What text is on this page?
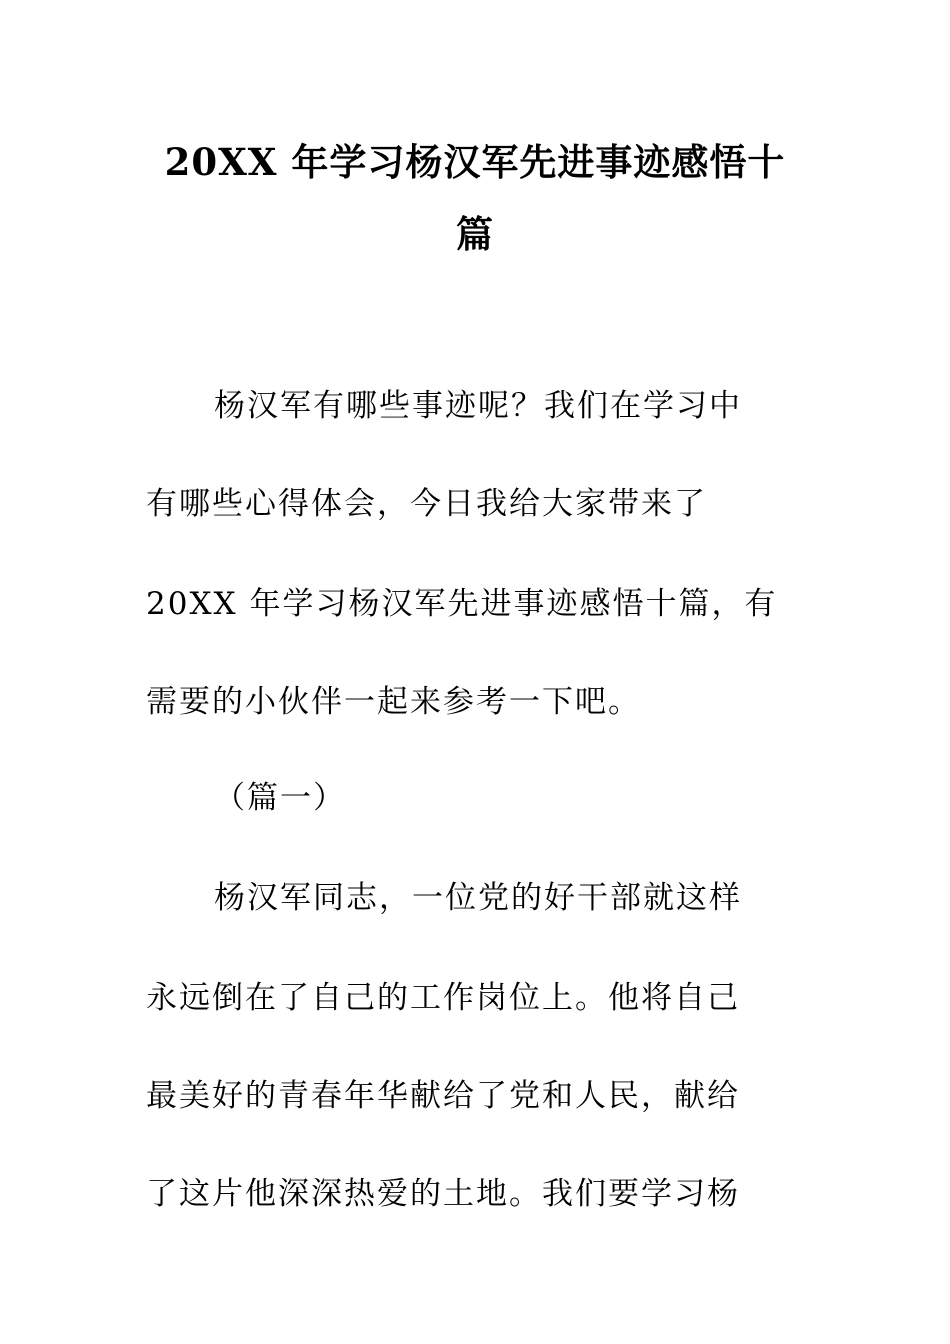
20XX 年学习杨汉军先进事迹感悟十
篇
杨汉军有哪些事迹呢？我们在学习中
有哪些心得体会，今日我给大家带来了
20XX 年学习杨汉军先进事迹感悟十篇，有
需要的小伙伴一起来参考一下吧。
（篇一）
杨汉军同志，一位党的好干部就这样
永远倒在了自己的工作岗位上。他将自己
最美好的青春年华献给了党和人民，献给
了这片他深深热爱的土地。我们要学习杨
